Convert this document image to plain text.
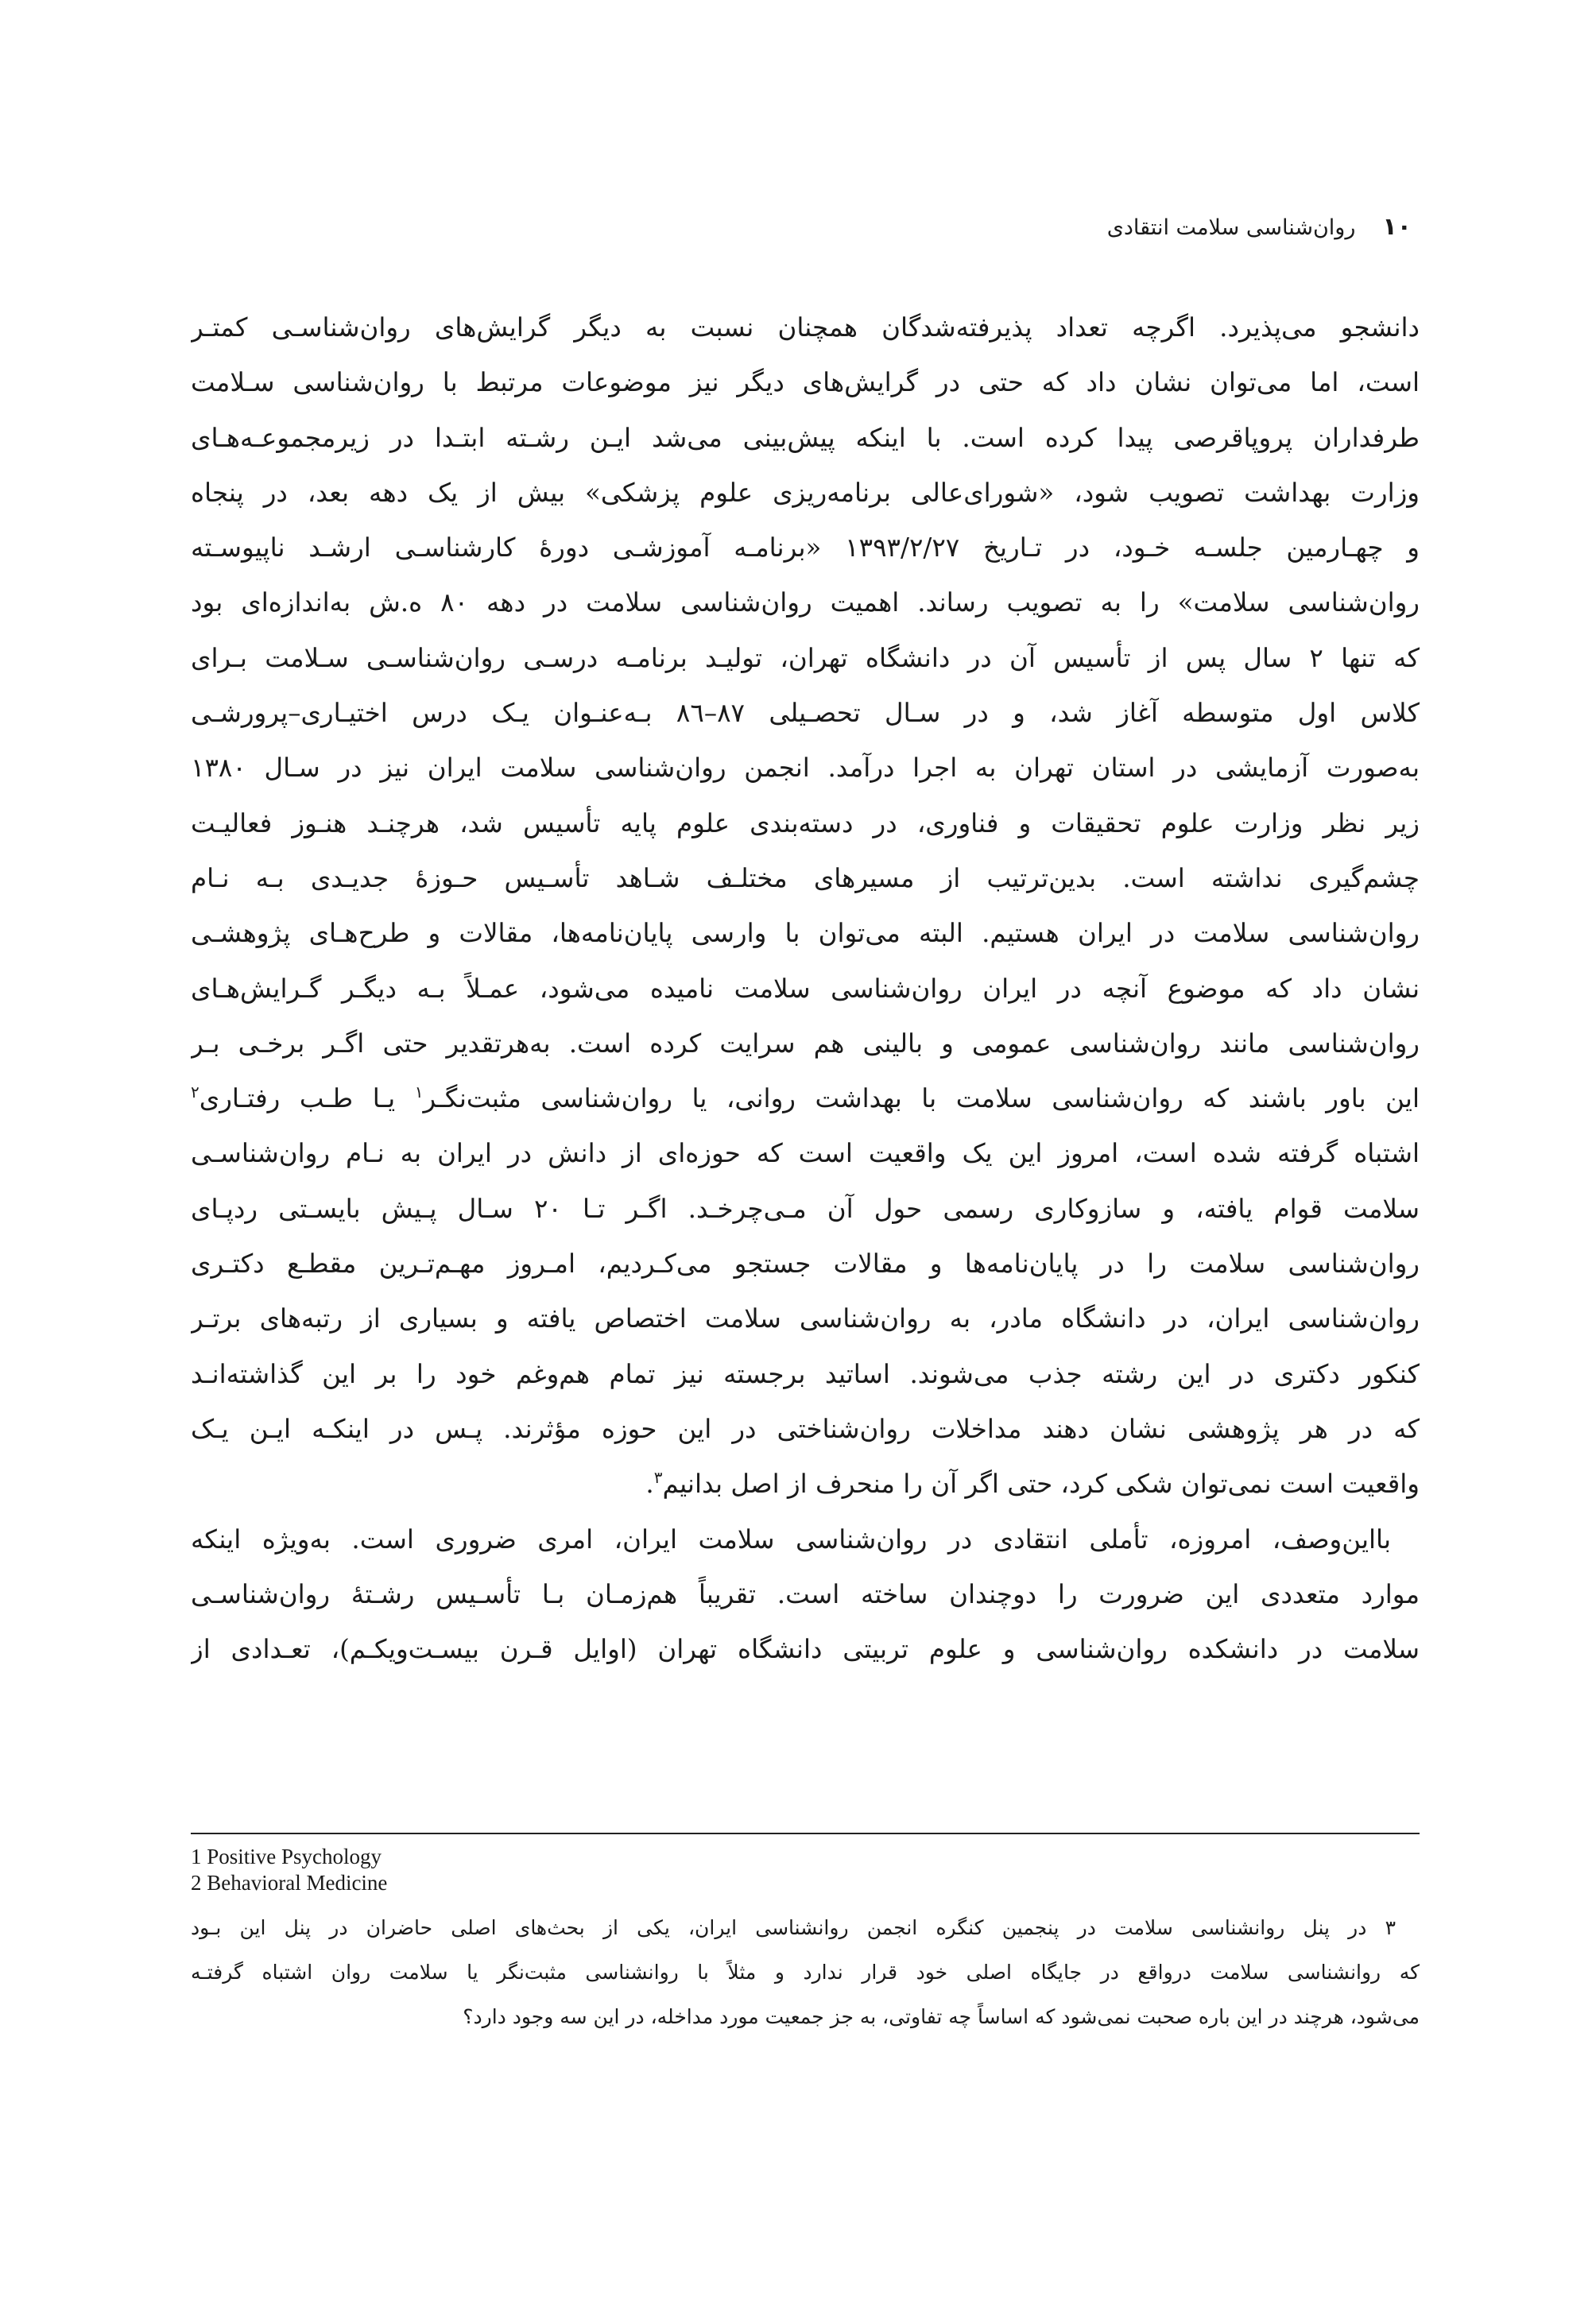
۱۰
روان‌شناسی سلامت انتقادی
دانشجو می‌پذیرد. اگرچه تعداد پذیرفته‌شدگان همچنان نسبت به دیگر گرایش‌های روان‌شناسـی کمتـر
است، اما می‌توان نشان داد که حتی در گرایش‌های دیگر نیز موضوعات مرتبط با روان‌شناسی سـلامت
طرفداران پروپاقرصی پیدا کرده است. با اینکه پیش‌بینی می‌شد ایـن رشـته ابتـدا در زیرمجموعـه‌هـای
وزارت بهداشت تصویب شود، «شورای‌عالی برنامه‌ریزی علوم پزشکی» بیش از یک دهه بعد، در پنجاه
و چهـارمین جلسـه خـود، در تـاریخ ۱۳۹۳/۲/۲۷ «برنامـه آموزشـی دورهٔ کارشناسـی ارشـد ناپیوسـته
روان‌شناسی سلامت» را به تصویب رساند. اهمیت روان‌شناسی سلامت در دهه ۸۰ ه.ش به‌اندازه‌ای بود
که تنها ۲ سال پس از تأسیس آن در دانشگاه تهران، تولیـد برنامـه درسـی روان‌شناسـی سـلامت بـرای
کلاس اول متوسطه آغاز شد، و در سـال تحصـیلی ۸۷–۸٦ بـه‌عنـوان یـک درس اختیـاری–پرورشـی
به‌صورت آزمایشی در استان تهران به اجرا درآمد. انجمن روان‌شناسی سلامت ایران نیز در سـال ۱۳۸۰
زیر نظر وزارت علوم تحقیقات و فناوری، در دسته‌بندی علوم پایه تأسیس شد، هرچنـد هنـوز فعالیـت
چشم‌گیری نداشته است. بدین‌ترتیب از مسیرهای مختلـف شـاهد تأسـیس حـوزهٔ جدیـدی بـه نـام
روان‌شناسی سلامت در ایران هستیم. البته می‌توان با وارسی پایان‌نامه‌ها، مقالات و طرح‌هـای پژوهشـی
نشان داد که موضوع آنچه در ایران روان‌شناسی سلامت نامیده می‌شود، عمـلاً بـه دیگـر گـرایش‌هـای
روان‌شناسی مانند روان‌شناسی عمومی و بالینی هم سرایت کرده است. به‌هرتقدیر حتی اگـر برخـی بـر
این باور باشند که روان‌شناسی سلامت با بهداشت روانی، یا روان‌شناسی مثبت‌نگـر$^۱$ یـا طـب رفتـاری$^۲$
اشتباه گرفته شده است، امروز این یک واقعیت است که حوزه‌ای از دانش در ایران به نـام روان‌شناسـی
سلامت قوام یافته، و سازوکاری رسمی حول آن مـی‌چرخـد. اگـر تـا ۲۰ سـال پـیش بایسـتی ردپـای
روان‌شناسی سلامت را در پایان‌نامه‌ها و مقالات جستجو می‌کـردیم، امـروز مهـم‌تـرین مقطـع دکتـری
روان‌شناسی ایران، در دانشگاه مادر، به روان‌شناسی سلامت اختصاص یافته و بسیاری از رتبه‌های برتـر
کنکور دکتری در این رشته جذب می‌شوند. اساتید برجسته نیز تمام هم‌وغم خود را بر این گذاشته‌انـد
که در هر پژوهشی نشان دهند مداخلات روان‌شناختی در این حوزه مؤثرند. پـس در اینکـه ایـن یـک
واقعیت است نمی‌توان شکی کرد، حتی اگر آن را منحرف از اصل بدانیم$^۳$.
بااین‌وصف، امروزه، تأملی انتقادی در روان‌شناسی سلامت ایران، امری ضروری است. به‌ویژه اینکه
موارد متعددی این ضرورت را دوچندان ساخته است. تقریباً هم‌زمـان بـا تأسـیس رشـتهٔ روان‌شناسـی
سلامت در دانشکده روان‌شناسی و علوم تربیتی دانشگاه تهران (اوایل قـرن بیسـت‌ویکـم)، تعـدادی از
1 Positive Psychology
2 Behavioral Medicine
۳ در پنل روانشناسی سلامت در پنجمین کنگره انجمن روانشناسی ایران، یکی از بحث‌های اصلی حاضران در پنل این بـود
که روانشناسی سلامت درواقع در جایگاه اصلی خود قرار ندارد و مثلاً با روانشناسی مثبت‌نگر یا سلامت روان اشتباه گرفتـه
می‌شود، هرچند در این باره صحبت نمی‌شود که اساساً چه تفاوتی، به جز جمعیت مورد مداخله، در این سه وجود دارد؟
